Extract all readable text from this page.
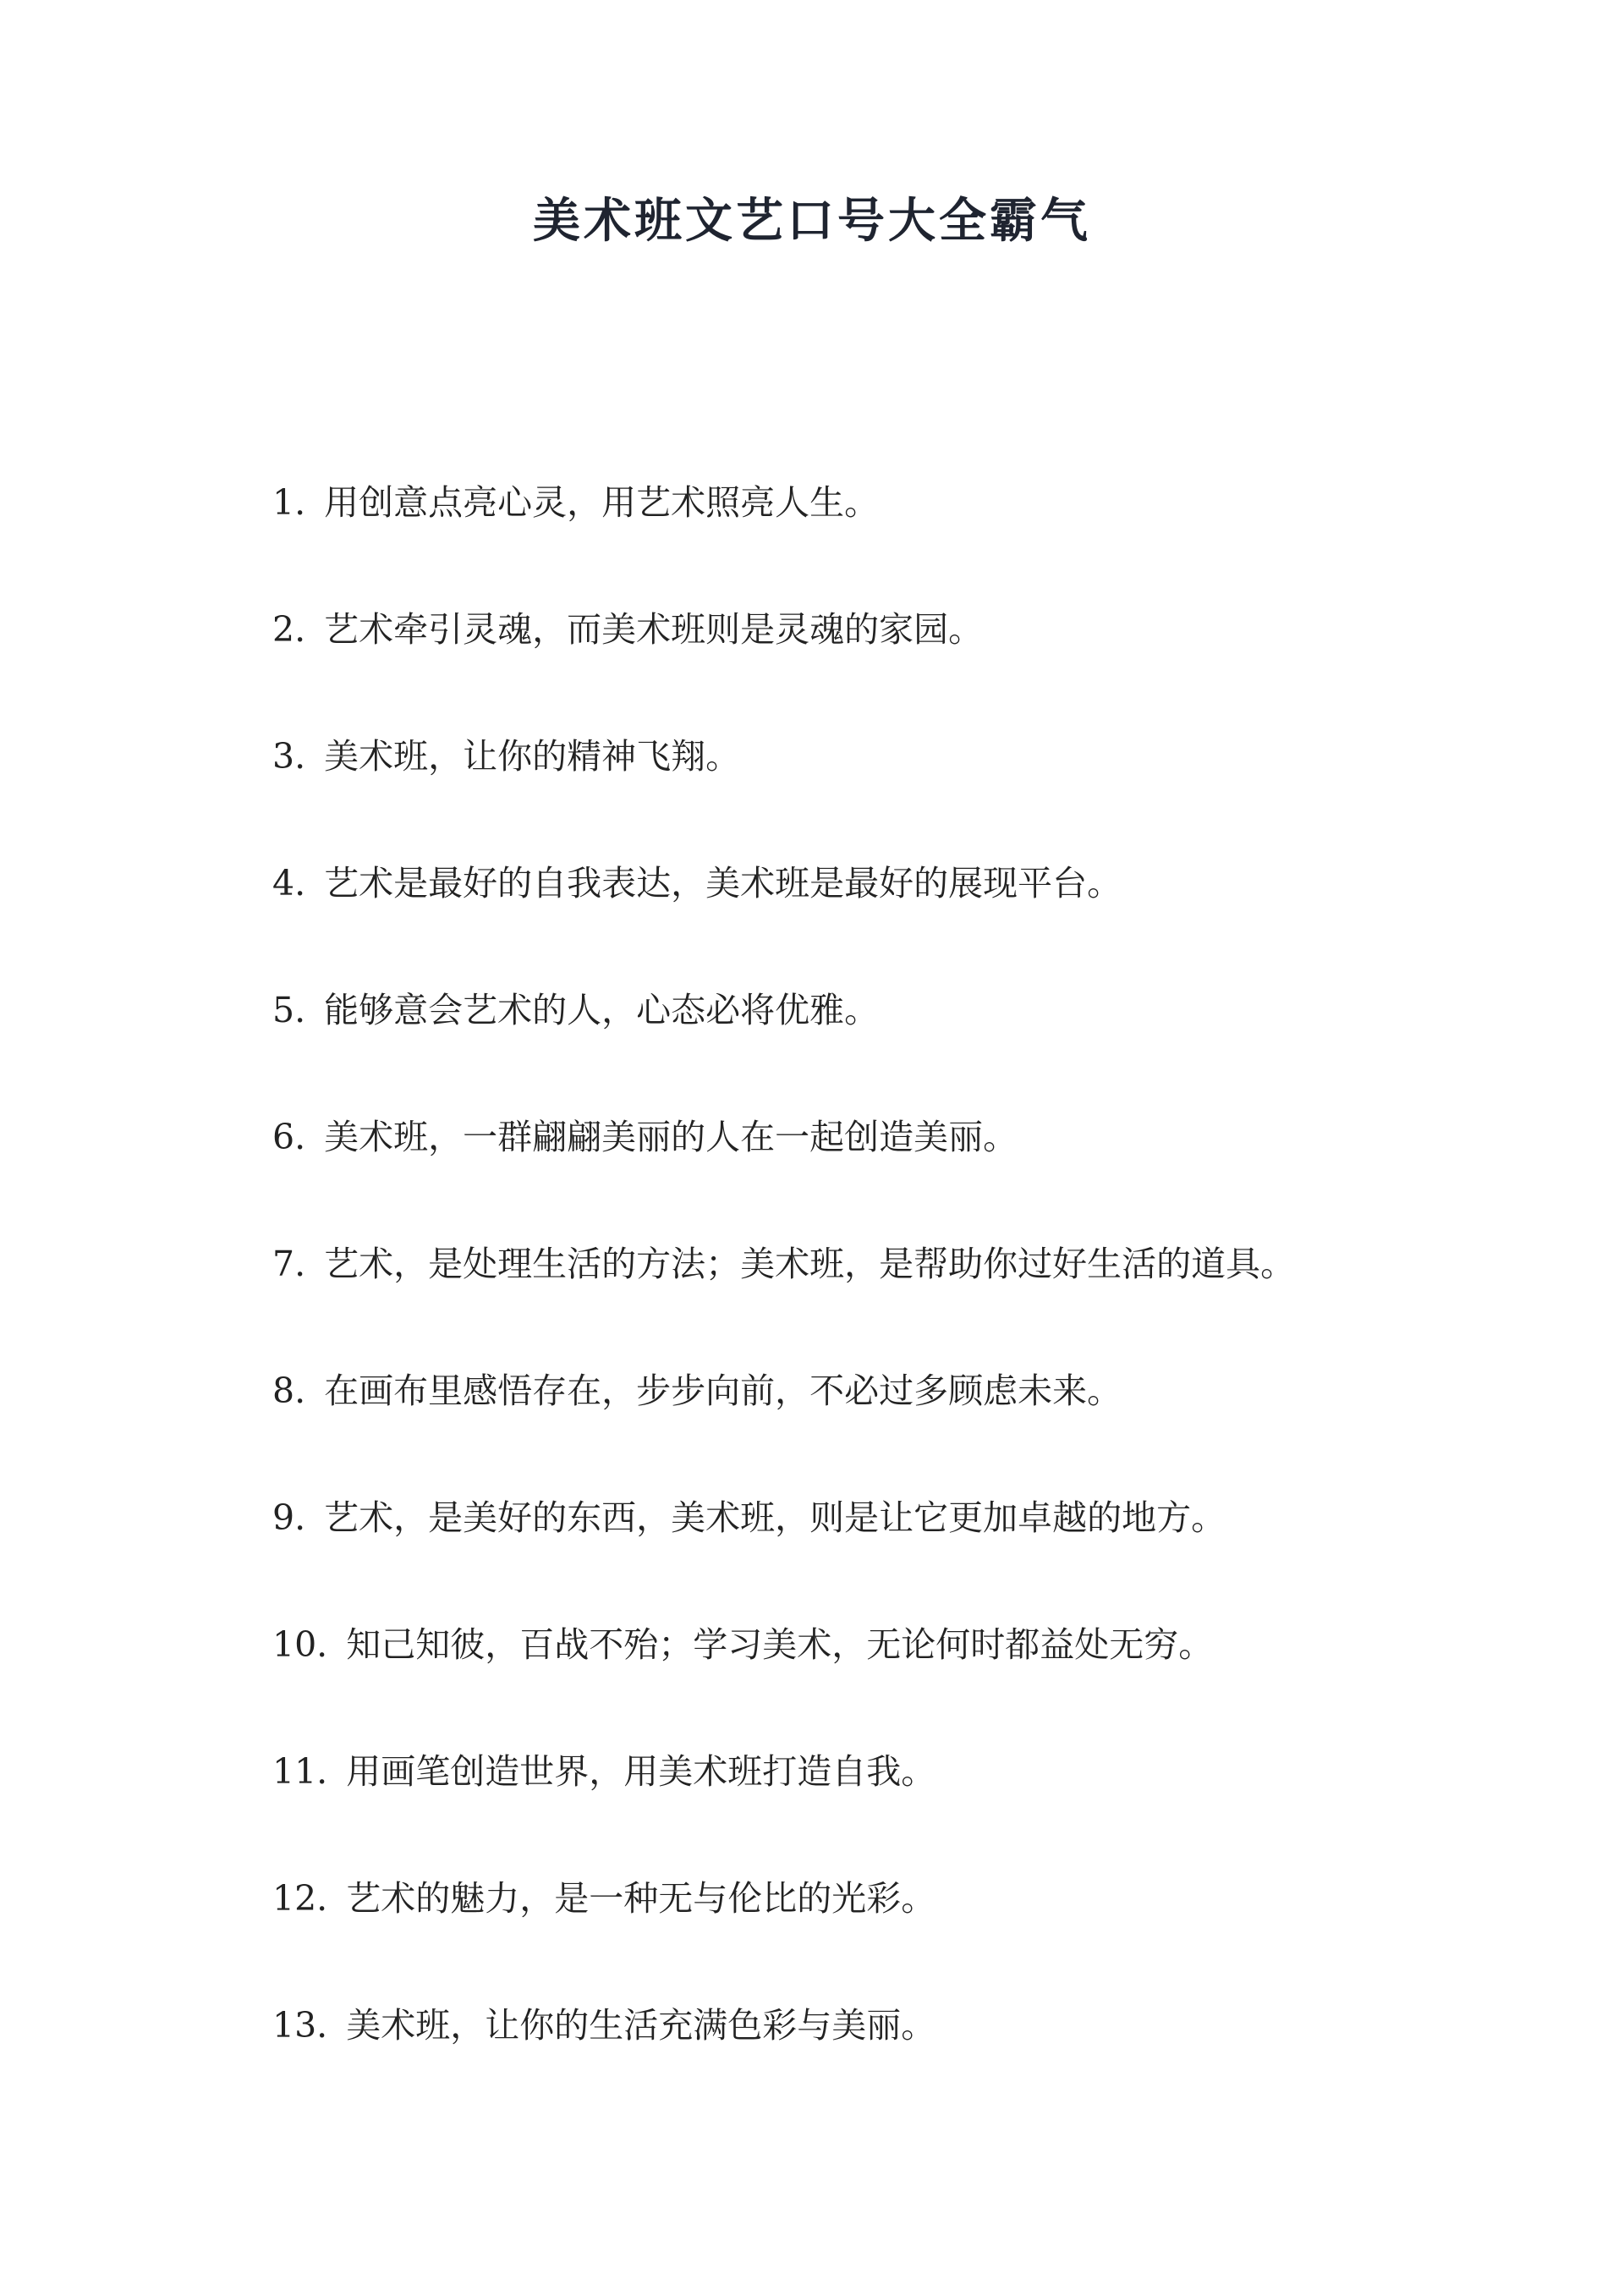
美术班文艺口号大全霸气
1. 用创意点亮心灵，用艺术照亮人生。
2. 艺术牵引灵魂，而美术班则是灵魂的家园。
3. 美术班，让你的精神飞翔。
4. 艺术是最好的自我表达，美术班是最好的展现平台。
5. 能够意会艺术的人，心态必将优雅。
6. 美术班，一群翩翩美丽的人在一起创造美丽。
7. 艺术，是处理生活的方法；美术班，是帮助你过好生活的道具。
8. 在画布里感悟存在，步步向前，不必过多顾虑未来。
9. 艺术，是美好的东西，美术班，则是让它更加卓越的地方。
10. 知己知彼，百战不殆；学习美术，无论何时都益处无穷。
11. 用画笔创造世界，用美术班打造自我。
12. 艺术的魅力，是一种无与伦比的光彩。
13. 美术班，让你的生活充满色彩与美丽。
